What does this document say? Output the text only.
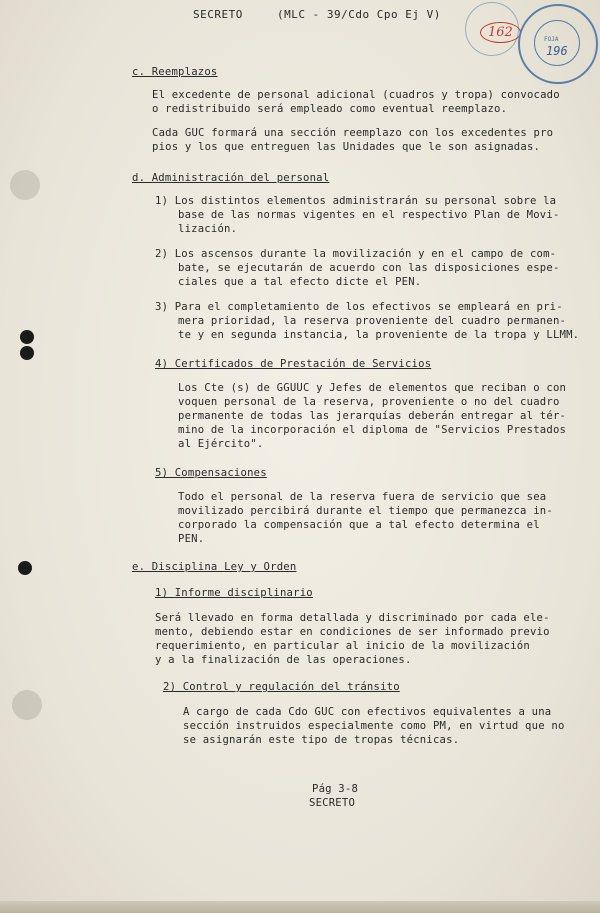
SECRETO	(MLC - 39/Cdo Cpo Ej V)
162	FOJA
196
c. Reemplazos
El excedente de personal adicional (cuadros y tropa) convocado
o redistribuido será empleado como eventual reemplazo.
Cada GUC formará una sección reemplazo con los excedentes pro
pios y los que entreguen las Unidades que le son asignadas.
d. Administración del personal
1) Los distintos elementos administrarán su personal sobre la
base de las normas vigentes en el respectivo Plan de Movi-
lización.
2) Los ascensos durante la movilización y en el campo de com-
bate, se ejecutarán de acuerdo con las disposiciones espe-
ciales que a tal efecto dicte el PEN.
3) Para el completamiento de los efectivos se empleará en pri-
mera prioridad, la reserva proveniente del cuadro permanen-
te y en segunda instancia, la proveniente de la tropa y LLMM.
4) Certificados de Prestación de Servicios
Los Cte (s) de GGUUC y Jefes de elementos que reciban o con
voquen personal de la reserva, proveniente o no del cuadro
permanente de todas las jerarquías deberán entregar al tér-
mino de la incorporación el diploma de "Servicios Prestados
al Ejército".
5) Compensaciones
Todo el personal de la reserva fuera de servicio que sea
movilizado percibirá durante el tiempo que permanezca in-
corporado la compensación que a tal efecto determina el
PEN.
e. Disciplina Ley y Orden
1) Informe disciplinario
Será llevado en forma detallada y discriminado por cada ele-
mento, debiendo estar en condiciones de ser informado previo
requerimiento, en particular al inicio de la movilización
y a la finalización de las operaciones.
2) Control y regulación del tránsito
A cargo de cada Cdo GUC con efectivos equivalentes a una
sección instruidos especialmente como PM, en virtud que no
se asignarán este tipo de tropas técnicas.
Pág 3-8
SECRETO
